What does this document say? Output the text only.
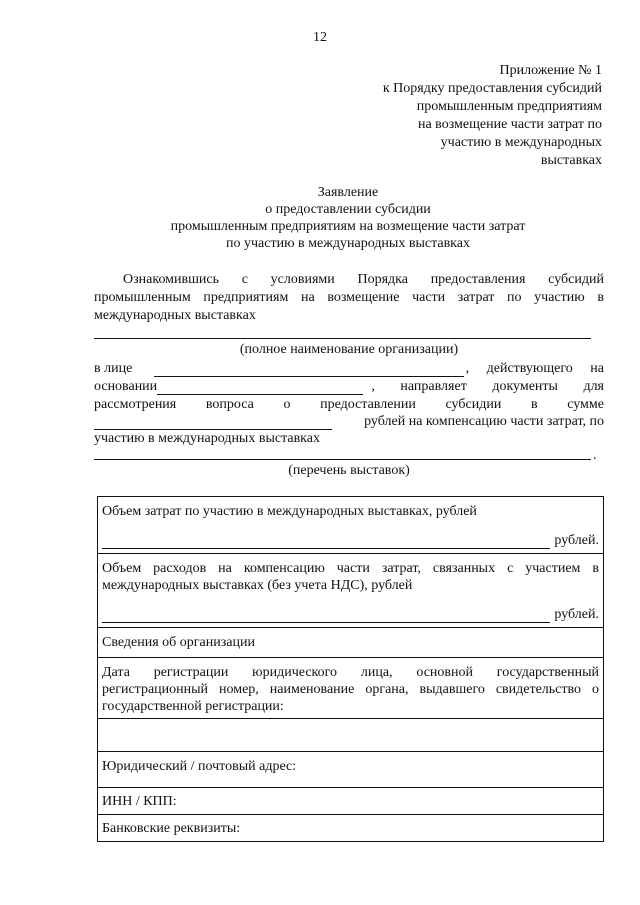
12
Приложение № 1
к Порядку предоставления субсидий
промышленным предприятиям
на возмещение части затрат по
участию в международных
выставках
Заявление
о предоставлении субсидии
промышленным предприятиям на возмещение части затрат
по участию в международных выставках
Ознакомившись с условиями Порядка предоставления субсидий
промышленным предприятиям на возмещение части затрат по участию в
международных выставках
(полное наименование организации)
в лице	, действующего на
основании	, направляет документы для
рассмотрения вопроса о предоставлении субсидии в сумме
рублей на компенсацию части затрат, по
участию в международных выставках
.
(перечень выставок)
Объем затрат по участию в международных выставках, рублей
рублей.

Объем расходов на компенсацию части затрат, связанных с участием в международных выставках (без учета НДС), рублей
рублей.

Сведения об организации
Дата регистрации юридического лица, основной государственный регистрационный номер, наименование органа, выдавшего свидетельство о государственной регистрации:

Юридический / почтовый адрес:
ИНН / КПП:
Банковские реквизиты:
